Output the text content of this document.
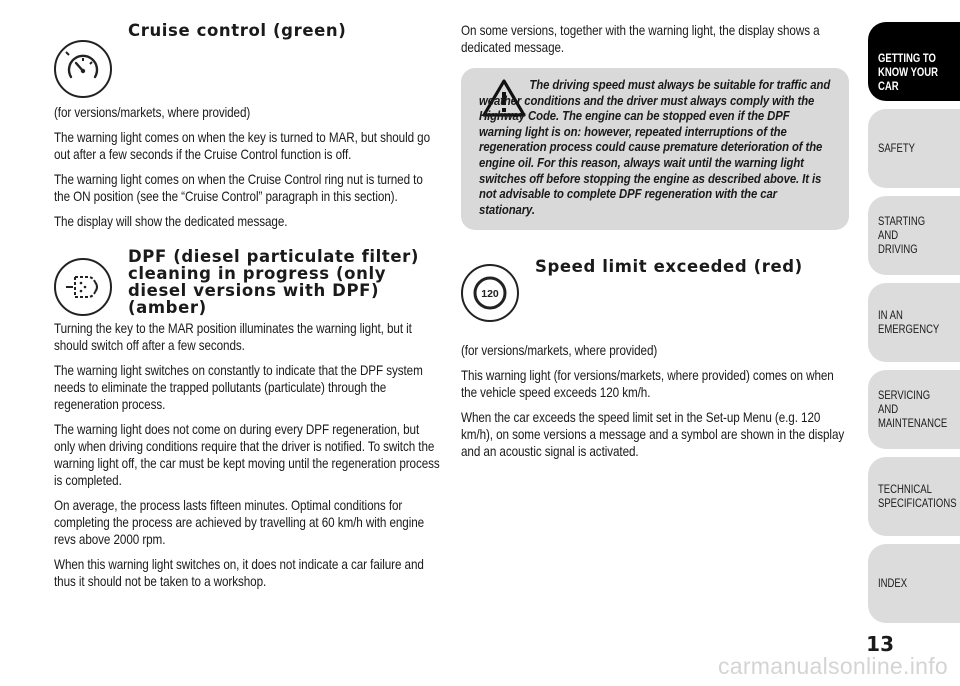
Cruise control (green)

(for versions/markets, where provided)

The warning light comes on when the key is turned to MAR, but should go out after a few seconds if the Cruise Control function is off.

The warning light comes on when the Cruise Control ring nut is turned to the ON position (see the “Cruise Control” paragraph in this section).

The display will show the dedicated message.

DPF (diesel particulate filter) cleaning in progress (only diesel versions with DPF) (amber)

Turning the key to the MAR position illuminates the warning light, but it should switch off after a few seconds.

The warning light switches on constantly to indicate that the DPF system needs to eliminate the trapped pollutants (particulate) through the regeneration process.

The warning light does not come on during every DPF regeneration, but only when driving conditions require that the driver is notified. To switch the warning light off, the car must be kept moving until the regeneration process is completed.

On average, the process lasts fifteen minutes. Optimal conditions for completing the process are achieved by travelling at 60 km/h with engine revs above 2000 rpm.

When this warning light switches on, it does not indicate a car failure and thus it should not be taken to a workshop.

On some versions, together with the warning light, the display shows a dedicated message.

The driving speed must always be suitable for traffic and weather conditions and the driver must always comply with the Highway Code. The engine can be stopped even if the DPF warning light is on: however, repeated interruptions of the regeneration process could cause premature deterioration of the engine oil. For this reason, always wait until the warning light switches off before stopping the engine as described above. It is not advisable to complete DPF regeneration with the car stationary.

120
Speed limit exceeded (red)

(for versions/markets, where provided)

This warning light (for versions/markets, where provided) comes on when the vehicle speed exceeds 120 km/h.

When the car exceeds the speed limit set in the Set-up Menu (e.g. 120 km/h), on some versions a message and a symbol are shown in the display and an acoustic signal is activated.

GETTING TO
KNOW YOUR CAR
SAFETY
STARTING AND
DRIVING
IN AN EMERGENCY
SERVICING AND
MAINTENANCE
TECHNICAL
SPECIFICATIONS
INDEX
13
carmanualsonline.info
